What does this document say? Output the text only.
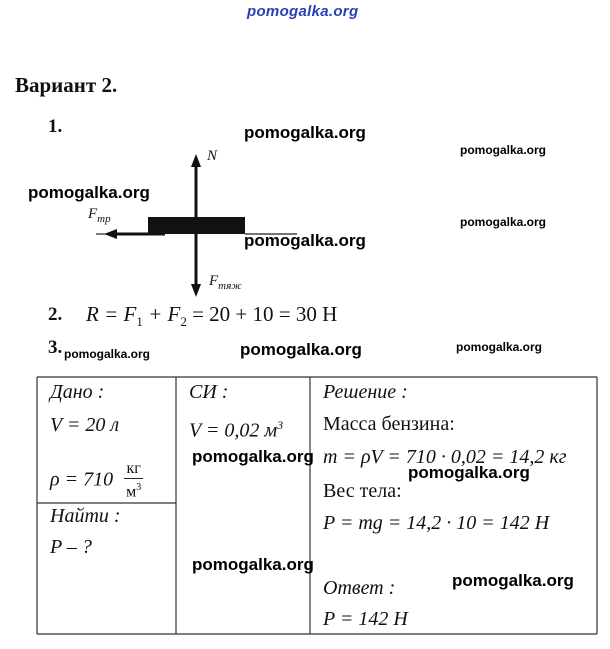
pomogalka.org
Вариант 2.
1.
N
$F_{тр}$
$F_{тяж}$
pomogalka.org
pomogalka.org
pomogalka.org
pomogalka.org
pomogalka.org
2. $R = F_1 + F_2 = 20 + 10 = 30$ Н
3. pomogalka.org	pomogalka.org	pomogalka.org
Дано :
V = 20 л
$\rho = 710 \frac{кг}{м^3}$
Найти :
P – ?
СИ :
V = 0,02 $м^3$
Решение :
Масса бензина:
m = ρV = 710 · 0,02 = 14,2 кг
Вес тела:
P = mg = 14,2 · 10 = 142 Н
Ответ :
P = 142 Н
pomogalka.org
pomogalka.org
pomogalka.org
pomogalka.org
